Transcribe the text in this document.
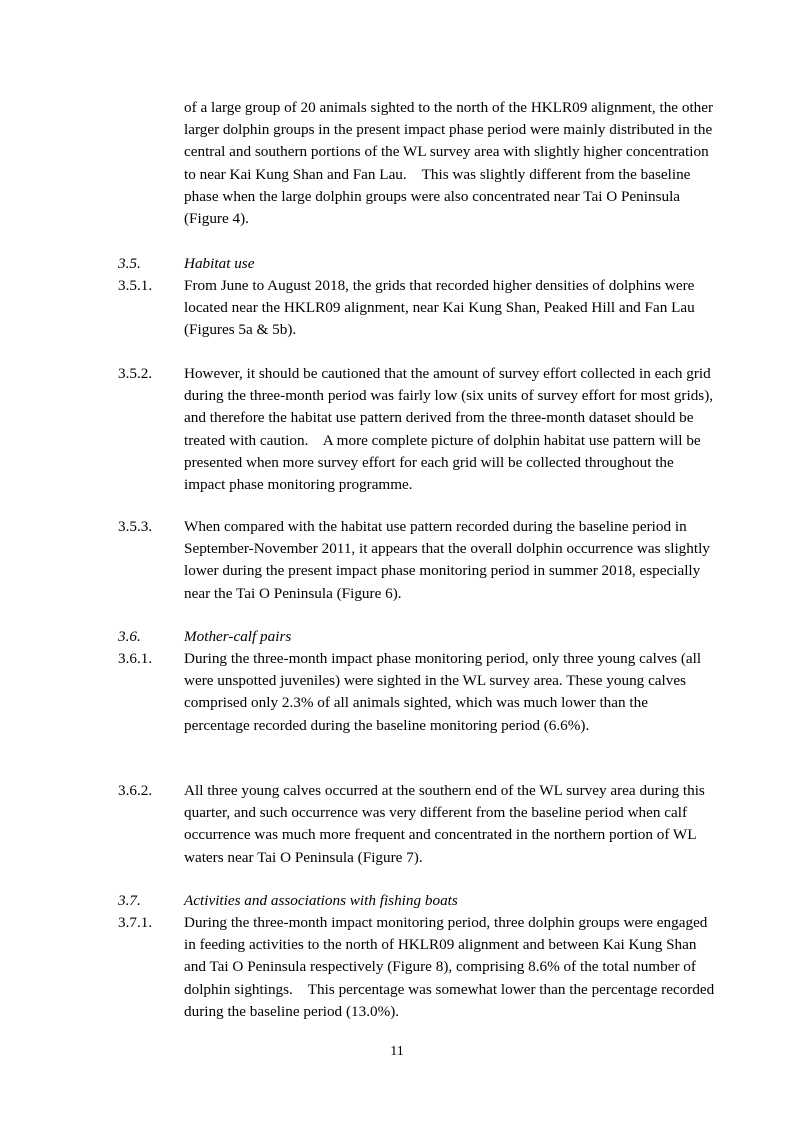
of a large group of 20 animals sighted to the north of the HKLR09 alignment, the other larger dolphin groups in the present impact phase period were mainly distributed in the central and southern portions of the WL survey area with slightly higher concentration to near Kai Kung Shan and Fan Lau.    This was slightly different from the baseline phase when the large dolphin groups were also concentrated near Tai O Peninsula (Figure 4).
3.5.	Habitat use
3.5.1.	From June to August 2018, the grids that recorded higher densities of dolphins were located near the HKLR09 alignment, near Kai Kung Shan, Peaked Hill and Fan Lau (Figures 5a & 5b).
3.5.2.	However, it should be cautioned that the amount of survey effort collected in each grid during the three-month period was fairly low (six units of survey effort for most grids), and therefore the habitat use pattern derived from the three-month dataset should be treated with caution.    A more complete picture of dolphin habitat use pattern will be presented when more survey effort for each grid will be collected throughout the impact phase monitoring programme.
3.5.3.	When compared with the habitat use pattern recorded during the baseline period in September-November 2011, it appears that the overall dolphin occurrence was slightly lower during the present impact phase monitoring period in summer 2018, especially near the Tai O Peninsula (Figure 6).
3.6.	Mother-calf pairs
3.6.1.	During the three-month impact phase monitoring period, only three young calves (all were unspotted juveniles) were sighted in the WL survey area. These young calves comprised only 2.3% of all animals sighted, which was much lower than the percentage recorded during the baseline monitoring period (6.6%).
3.6.2.	All three young calves occurred at the southern end of the WL survey area during this quarter, and such occurrence was very different from the baseline period when calf occurrence was much more frequent and concentrated in the northern portion of WL waters near Tai O Peninsula (Figure 7).
3.7.	Activities and associations with fishing boats
3.7.1.	During the three-month impact monitoring period, three dolphin groups were engaged in feeding activities to the north of HKLR09 alignment and between Kai Kung Shan and Tai O Peninsula respectively (Figure 8), comprising 8.6% of the total number of dolphin sightings.    This percentage was somewhat lower than the percentage recorded during the baseline period (13.0%).
11
